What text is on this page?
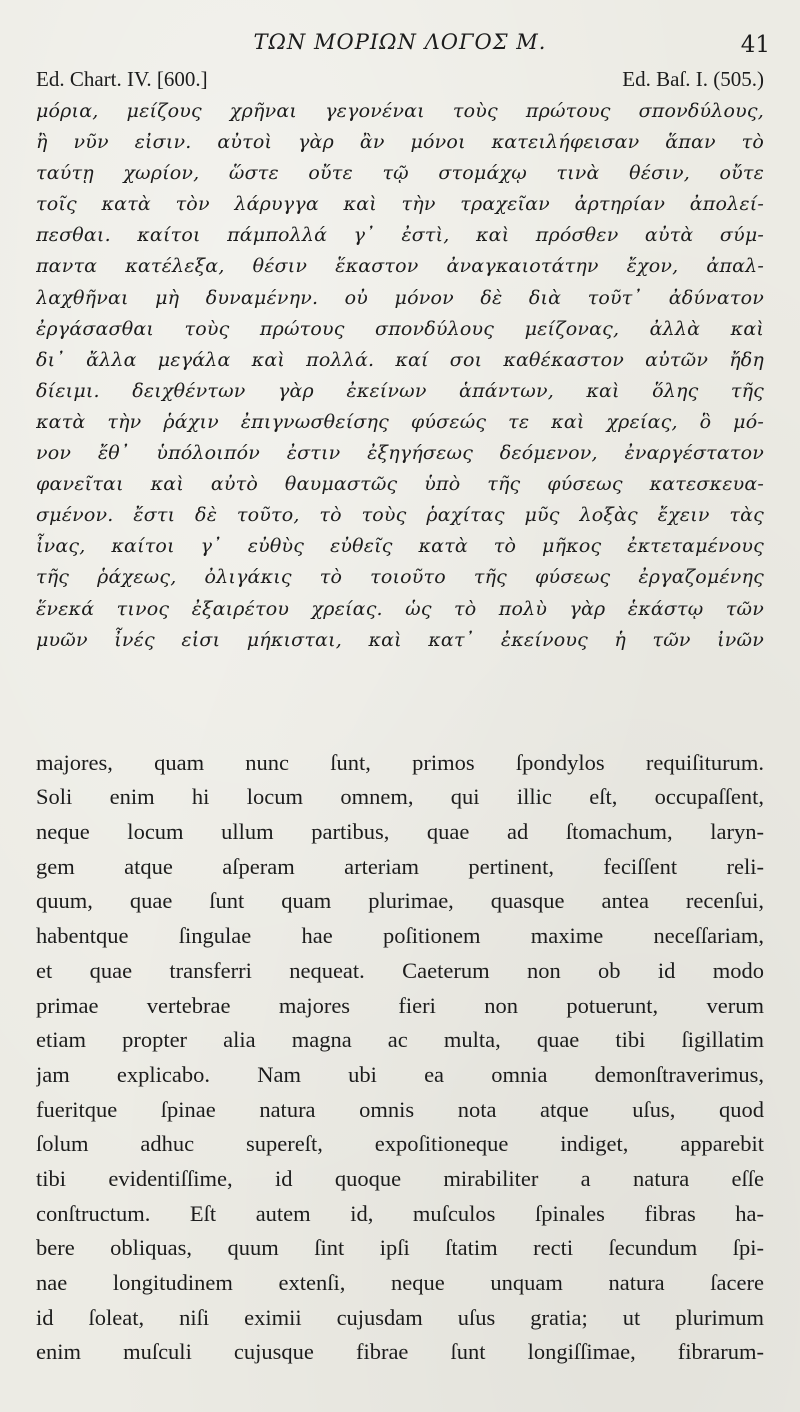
ΤΩΝ ΜΟΡΙΩΝ ΛΟΓΟΣ Μ.	41
Ed. Chart. IV. [600.]	Ed. Baſ. I. (505.)
μόρια, μείζους χρῆναι γεγονέναι τοὺς πρώτους σπονδύλους,
ἢ νῦν εἰσιν. αὐτοὶ γὰρ ἂν μόνοι κατειλήφεισαν ἅπαν τὸ
ταύτῃ χωρίον, ὥστε οὔτε τῷ στομάχῳ τινὰ θέσιν, οὔτε
τοῖς κατὰ τὸν λάρυγγα καὶ τὴν τραχεῖαν ἀρτηρίαν ἀπολεί-
πεσθαι. καίτοι πάμπολλά γ᾽ ἐστὶ, καὶ πρόσθεν αὐτὰ σύμ-
παντα κατέλεξα, θέσιν ἕκαστον ἀναγκαιοτάτην ἔχον, ἀπαλ-
λαχθῆναι μὴ δυναμένην. οὐ μόνον δὲ διὰ τοῦτ᾽ ἀδύνατον
ἐργάσασθαι τοὺς πρώτους σπονδύλους μείζονας, ἀλλὰ καὶ
δι᾽ ἄλλα μεγάλα καὶ πολλά. καί σοι καθέκαστον αὐτῶν ἤδη
δίειμι. δειχθέντων γὰρ ἐκείνων ἁπάντων, καὶ ὅλης τῆς
κατὰ τὴν ῥάχιν ἐπιγνωσθείσης φύσεώς τε καὶ χρείας, ὃ μό-
νον ἔθ᾽ ὑπόλοιπόν ἐστιν ἐξηγήσεως δεόμενον, ἐναργέστατον
φανεῖται καὶ αὐτὸ θαυμαστῶς ὑπὸ τῆς φύσεως κατεσκευα-
σμένον. ἔστι δὲ τοῦτο, τὸ τοὺς ῥαχίτας μῦς λοξὰς ἔχειν τὰς
ἶνας, καίτοι γ᾽ εὐθὺς εὐθεῖς κατὰ τὸ μῆκος ἐκτεταμένους
τῆς ῥάχεως, ὀλιγάκις τὸ τοιοῦτο τῆς φύσεως ἐργαζομένης
ἕνεκά τινος ἐξαιρέτου χρείας. ὡς τὸ πολὺ γὰρ ἑκάστῳ τῶν
μυῶν ἶνές εἰσι μήκισται, καὶ κατ᾽ ἐκείνους ἡ τῶν ἰνῶν
majores, quam nunc ſunt, primos ſpondylos requiſiturum.
Soli enim hi locum omnem, qui illic eſt, occupaſſent,
neque locum ullum partibus, quae ad ſtomachum, laryn-
gem atque aſperam arteriam pertinent, feciſſent reli-
quum, quae ſunt quam plurimae, quasque antea recenſui,
habentque ſingulae hae poſitionem maxime neceſſariam,
et quae transferri nequeat. Caeterum non ob id modo
primae vertebrae majores fieri non potuerunt, verum
etiam propter alia magna ac multa, quae tibi ſigillatim
jam explicabo. Nam ubi ea omnia demonſtraverimus,
fueritque ſpinae natura omnis nota atque uſus, quod
ſolum adhuc supereſt, expoſitioneque indiget, apparebit
tibi evidentiſſime, id quoque mirabiliter a natura eſſe
conſtructum. Eſt autem id, muſculos ſpinales fibras ha-
bere obliquas, quum ſint ipſi ſtatim recti ſecundum ſpi-
nae longitudinem extenſi, neque unquam natura ſacere
id ſoleat, niſi eximii cujusdam uſus gratia; ut plurimum
enim muſculi cujusque fibrae ſunt longiſſimae, fibrarum-
